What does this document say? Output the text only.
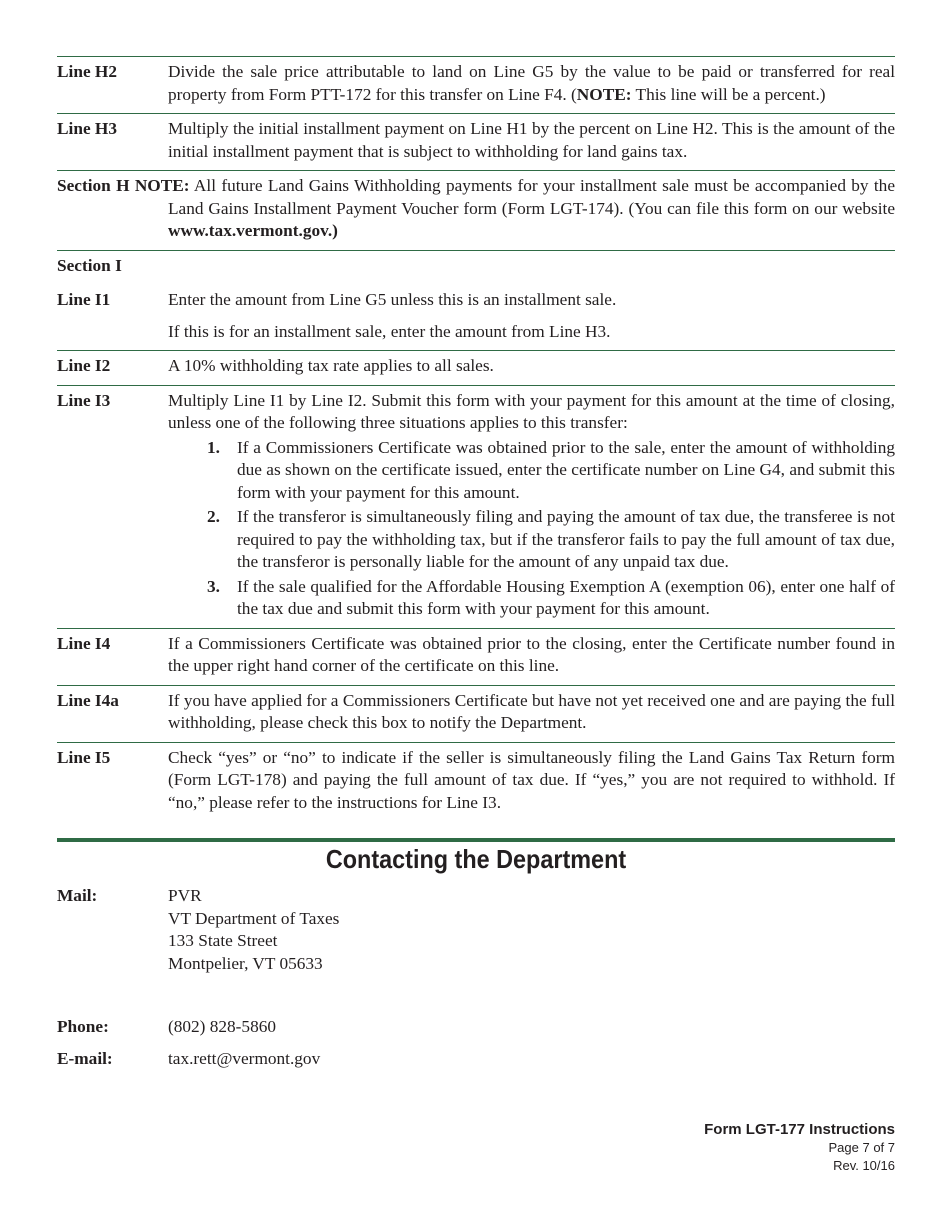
Line H2	Divide the sale price attributable to land on Line G5 by the value to be paid or transferred for real property from Form PTT-172 for this transfer on Line F4. (NOTE: This line will be a percent.)
Line H3	Multiply the initial installment payment on Line H1 by the percent on Line H2. This is the amount of the initial installment payment that is subject to withholding for land gains tax.
Section H NOTE: All future Land Gains Withholding payments for your installment sale must be accompanied by the Land Gains Installment Payment Voucher form (Form LGT-174). (You can file this form on our website www.tax.vermont.gov.)
Section I
Line I1	Enter the amount from Line G5 unless this is an installment sale.
If this is for an installment sale, enter the amount from Line H3.
Line I2	A 10% withholding tax rate applies to all sales.
Line I3	Multiply Line I1 by Line I2. Submit this form with your payment for this amount at the time of closing, unless one of the following three situations applies to this transfer:
1. If a Commissioners Certificate was obtained prior to the sale, enter the amount of withholding due as shown on the certificate issued, enter the certificate number on Line G4, and submit this form with your payment for this amount.
2. If the transferor is simultaneously filing and paying the amount of tax due, the transferee is not required to pay the withholding tax, but if the transferor fails to pay the full amount of tax due, the transferor is personally liable for the amount of any unpaid tax due.
3. If the sale qualified for the Affordable Housing Exemption A (exemption 06), enter one half of the tax due and submit this form with your payment for this amount.
Line I4	If a Commissioners Certificate was obtained prior to the closing, enter the Certificate number found in the upper right hand corner of the certificate on this line.
Line I4a	If you have applied for a Commissioners Certificate but have not yet received one and are paying the full withholding, please check this box to notify the Department.
Line I5	Check “yes” or “no” to indicate if the seller is simultaneously filing the Land Gains Tax Return form (Form LGT-178) and paying the full amount of tax due. If “yes,” you are not required to withhold. If “no,” please refer to the instructions for Line I3.
Contacting the Department
Mail:	PVR
VT Department of Taxes
133 State Street
Montpelier, VT 05633
Phone:	(802) 828-5860
E-mail:	tax.rett@vermont.gov
Form LGT-177 Instructions
Page 7 of 7
Rev. 10/16
